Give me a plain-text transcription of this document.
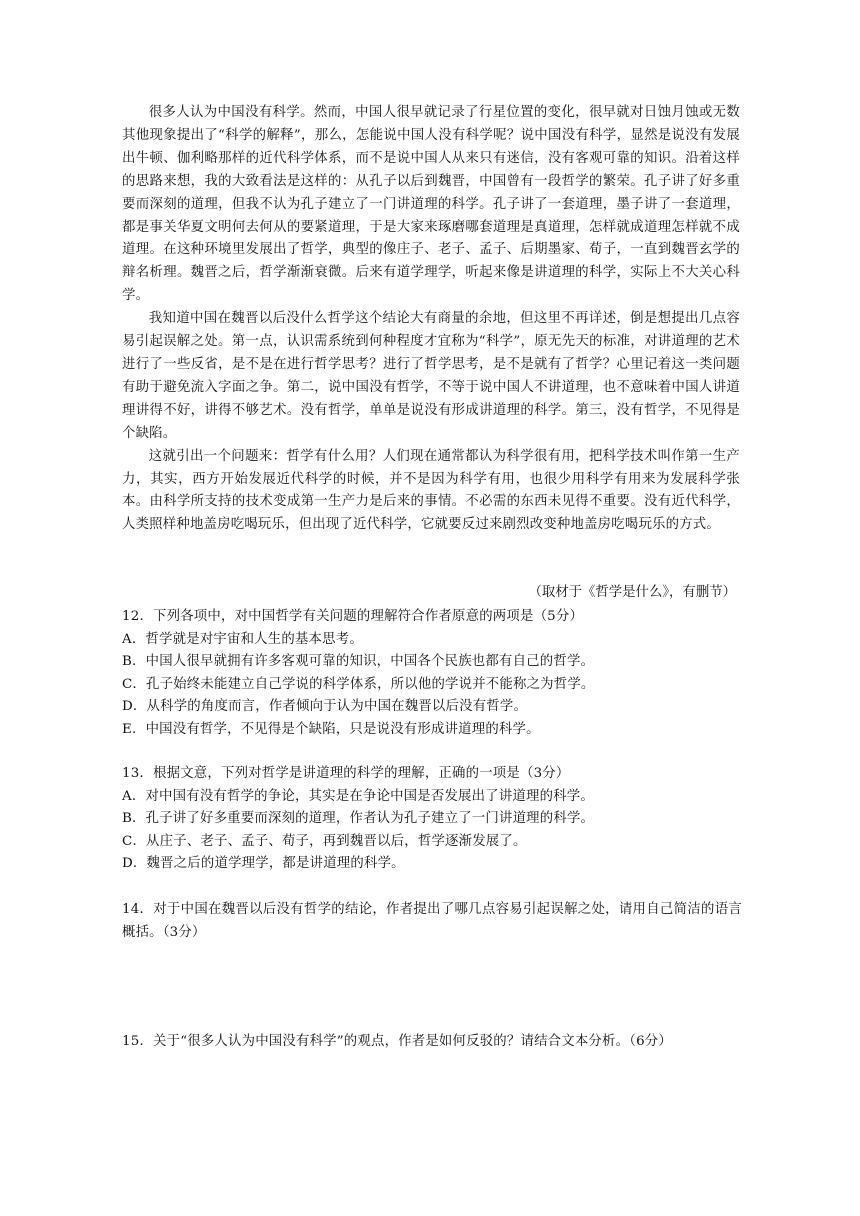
很多人认为中国没有科学。然而，中国人很早就记录了行星位置的变化，很早就对日蚀月蚀或无数其他现象提出了“科学的解释”，那么，怎能说中国人没有科学呢？说中国没有科学，显然是说没有发展出牛顿、伽利略那样的近代科学体系，而不是说中国人从来只有迷信，没有客观可靠的知识。沿着这样的思路来想，我的大致看法是这样的：从孔子以后到魏晋，中国曾有一段哲学的繁荣。孔子讲了好多重要而深刻的道理，但我不认为孔子建立了一门讲道理的科学。孔子讲了一套道理，墨子讲了一套道理，都是事关华夏文明何去何从的要紧道理，于是大家来琢磨哪套道理是真道理，怎样就成道理怎样就不成道理。在这种环境里发展出了哲学，典型的像庄子、老子、孟子、后期墨家、荀子，一直到魏晋玄学的辩名析理。魏晋之后，哲学渐渐衰微。后来有道学理学，听起来像是讲道理的科学，实际上不大关心科学。

我知道中国在魏晋以后没什么哲学这个结论大有商量的余地，但这里不再详述，倒是想提出几点容易引起误解之处。第一点，认识需系统到何种程度才宜称为“科学”，原无先天的标准，对讲道理的艺术进行了一些反省，是不是在进行哲学思考？进行了哲学思考，是不是就有了哲学？心里记着这一类问题有助于避免流入字面之争。第二，说中国没有哲学，不等于说中国人不讲道理，也不意味着中国人讲道理讲得不好，讲得不够艺术。没有哲学，单单是说没有形成讲道理的科学。第三，没有哲学，不见得是个缺陷。

这就引出一个问题来：哲学有什么用？人们现在通常都认为科学很有用，把科学技术叫作第一生产力，其实，西方开始发展近代科学的时候，并不是因为科学有用，也很少用科学有用来为发展科学张本。由科学所支持的技术变成第一生产力是后来的事情。不必需的东西未见得不重要。没有近代科学，人类照样种地盖房吃喝玩乐，但出现了近代科学，它就要反过来剧烈改变种地盖房吃喝玩乐的方式。

（取材于《哲学是什么》，有删节）
12．下列各项中，对中国哲学有关问题的理解符合作者原意的两项是（5分）
A．哲学就是对宇宙和人生的基本思考。
B．中国人很早就拥有许多客观可靠的知识，中国各个民族也都有自己的哲学。
C．孔子始终未能建立自己学说的科学体系，所以他的学说并不能称之为哲学。
D．从科学的角度而言，作者倾向于认为中国在魏晋以后没有哲学。
E．中国没有哲学，不见得是个缺陷，只是说没有形成讲道理的科学。
13．根据文意，下列对哲学是讲道理的科学的理解，正确的一项是（3分）
A．对中国有没有哲学的争论，其实是在争论中国是否发展出了讲道理的科学。
B．孔子讲了好多重要而深刻的道理，作者认为孔子建立了一门讲道理的科学。
C．从庄子、老子、孟子、荀子，再到魏晋以后，哲学逐渐发展了。
D．魏晋之后的道学理学，都是讲道理的科学。
14．对于中国在魏晋以后没有哲学的结论，作者提出了哪几点容易引起误解之处，请用自己简洁的语言概括。（3分）
15．关于“很多人认为中国没有科学”的观点，作者是如何反驳的？请结合文本分析。（6分）
